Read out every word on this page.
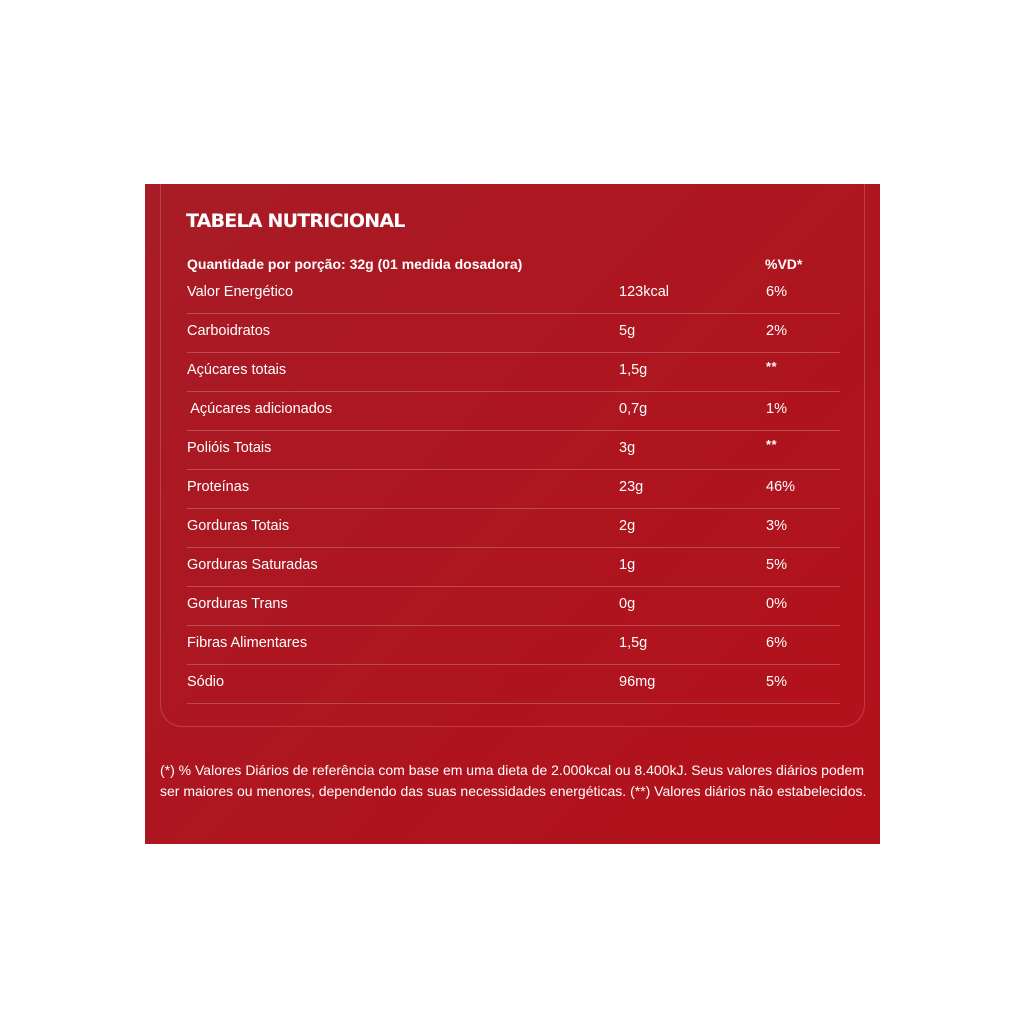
TABELA NUTRICIONAL
Quantidade por porção: 32g (01 medida dosadora)	%VD*
Valor Energético	123kcal	6%
Carboidratos	5g	2%
Açúcares totais	1,5g	**
Açúcares adicionados	0,7g	1%
Polióis Totais	3g	**
Proteínas	23g	46%
Gorduras Totais	2g	3%
Gorduras Saturadas	1g	5%
Gorduras Trans	0g	0%
Fibras Alimentares	1,5g	6%
Sódio	96mg	5%

(*) % Valores Diários de referência com base em uma dieta de 2.000kcal ou 8.400kJ. Seus valores diários podem ser maiores ou menores, dependendo das suas necessidades energéticas. (**) Valores diários não estabelecidos.
